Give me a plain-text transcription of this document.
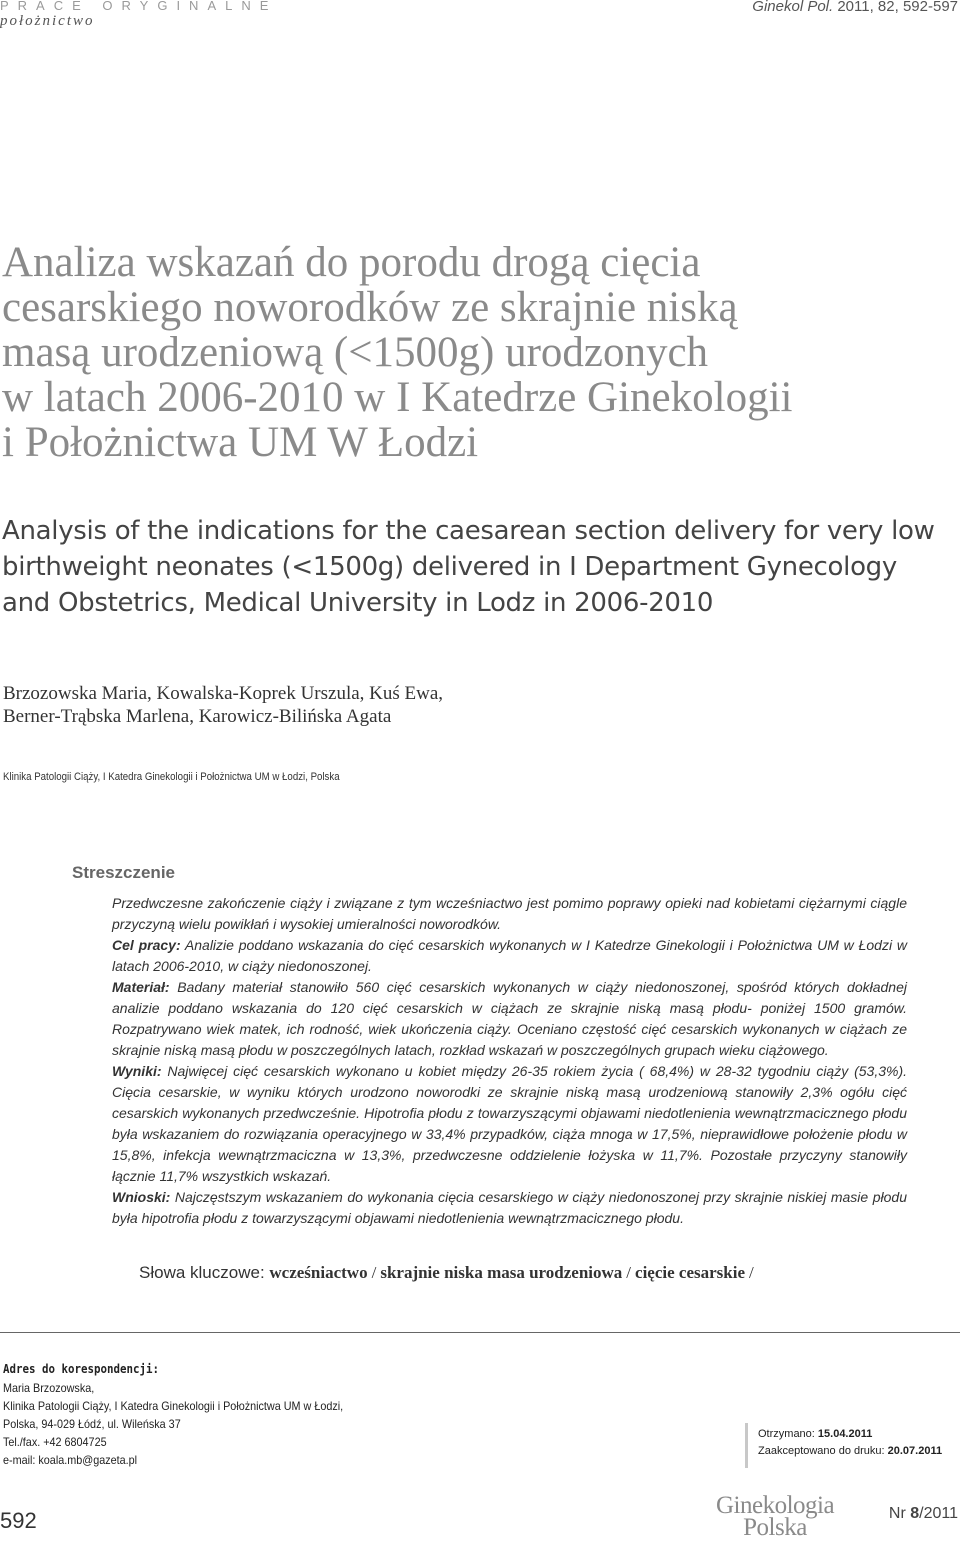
PRACE ORYGINALNE
położnictwo
Ginekol Pol. 2011, 82, 592-597
Analiza wskazań do porodu drogą cięcia
cesarskiego noworodków ze skrajnie niską
masą urodzeniową (<1500g) urodzonych
w latach 2006-2010 w I Katedrze Ginekologii
i Położnictwa UM W Łodzi
Analysis of the indications for the caesarean section delivery for very low
birthweight neonates (<1500g) delivered in I Department Gynecology
and Obstetrics, Medical University in Lodz in 2006-2010
Brzozowska Maria, Kowalska-Koprek Urszula, Kuś Ewa,
Berner-Trąbska Marlena, Karowicz-Bilińska Agata
Klinika Patologii Ciąży, I Katedra Ginekologii i Położnictwa UM w Łodzi, Polska
Streszczenie

Przedwczesne zakończenie ciąży i związane z tym wcześniactwo jest pomimo poprawy opieki nad kobietami ciężarnymi ciągle przyczyną wielu powikłań i wysokiej umieralności noworodków.

Cel pracy: Analizie poddano wskazania do cięć cesarskich wykonanych w I Katedrze Ginekologii i Położnictwa UM w Łodzi w latach 2006-2010, w ciąży niedonoszonej.

Materiał: Badany materiał stanowiło 560 cięć cesarskich wykonanych w ciąży niedonoszonej, spośród których dokładnej analizie poddano wskazania do 120 cięć cesarskich w ciążach ze skrajnie niską masą płodu- poniżej 1500 gramów. Rozpatrywano wiek matek, ich rodność, wiek ukończenia ciąży. Oceniano częstość cięć cesarskich wykonanych w ciążach ze skrajnie niską masą płodu w poszczególnych latach, rozkład wskazań w poszczególnych grupach wieku ciążowego.

Wyniki: Najwięcej cięć cesarskich wykonano u kobiet między 26-35 rokiem życia ( 68,4%) w 28-32 tygodniu ciąży (53,3%). Cięcia cesarskie, w wyniku których urodzono noworodki ze skrajnie niską masą urodzeniową stanowiły 2,3% ogółu cięć cesarskich wykonanych przedwcześnie. Hipotrofia płodu z towarzyszącymi objawami niedotlenienia wewnątrzmacicznego płodu była wskazaniem do rozwiązania operacyjnego w 33,4% przypadków, ciąża mnoga w 17,5%, nieprawidłowe położenie płodu w 15,8%, infekcja wewnątrzmaciczna w 13,3%, przedwczesne oddzielenie łożyska w 11,7%. Pozostałe przyczyny stanowiły łącznie 11,7% wszystkich wskazań.

Wnioski: Najczęstszym wskazaniem do wykonania cięcia cesarskiego w ciąży niedonoszonej przy skrajnie niskiej masie płodu była hipotrofia płodu z towarzyszącymi objawami niedotlenienia wewnątrzmacicznego płodu.

Słowa kluczowe: wcześniactwo / skrajnie niska masa urodzeniowa / cięcie cesarskie /
Adres do korespondencji:
Maria Brzozowska,
Klinika Patologii Ciąży, I Katedra Ginekologii i Położnictwa UM w Łodzi,
Polska, 94-029 Łódź, ul. Wileńska 37
Tel./fax. +42 6804725
e-mail: koala.mb@gazeta.pl
Otrzymano: 15.04.2011
Zaakceptowano do druku: 20.07.2011
592
Ginekologia
Polska
Nr 8/2011
